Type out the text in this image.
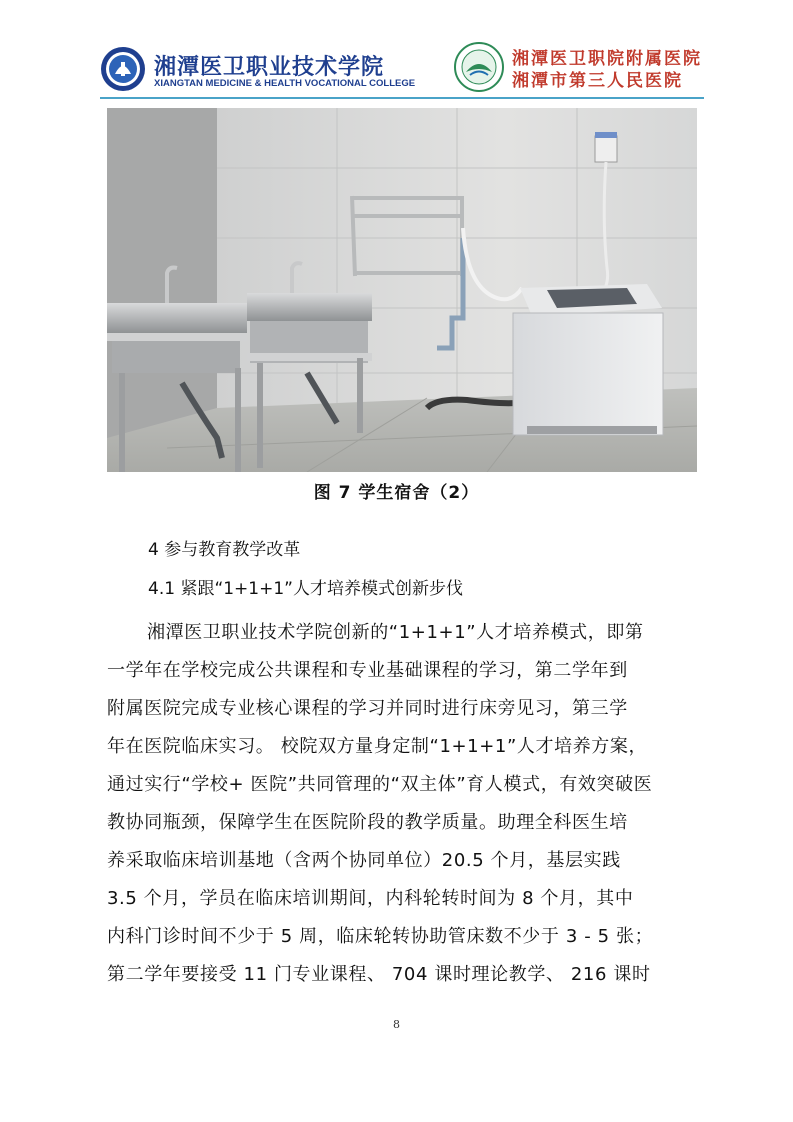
湘潭医卫职业技术学院
XIANGTAN MEDICINE & HEALTH VOCATIONAL COLLEGE
湘潭医卫职院附属医院
湘潭市第三人民医院
图 7 学生宿舍（2）
4 参与教育教学改革
4.1 紧跟“1+1+1”人才培养模式创新步伐
湘潭医卫职业技术学院创新的“1+1+1”人才培养模式，即第
一学年在学校完成公共课程和专业基础课程的学习，第二学年到
附属医院完成专业核心课程的学习并同时进行床旁见习，第三学
年在医院临床实习。 校院双方量身定制“1+1+1”人才培养方案，
通过实行“学校+ 医院”共同管理的“双主体”育人模式，有效突破医
教协同瓶颈，保障学生在医院阶段的教学质量。助理全科医生培
养采取临床培训基地（含两个协同单位）20.5 个月，基层实践
3.5 个月，学员在临床培训期间，内科轮转时间为 8 个月，其中
内科门诊时间不少于 5 周，临床轮转协助管床数不少于 3 - 5 张；
第二学年要接受 11 门专业课程、 704 课时理论教学、 216 课时
8
